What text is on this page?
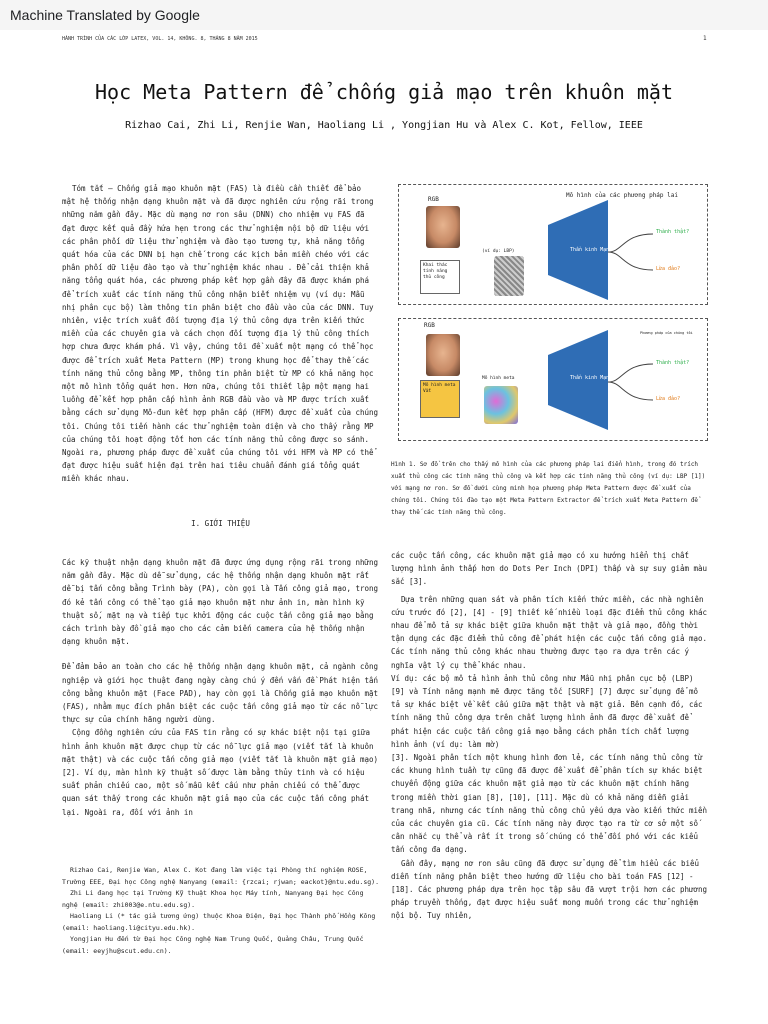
Machine Translated by Google
HÀNH TRÌNH CỦA CÁC LỚP LATEX, VOL. 14, KHÔNG. 8, THÁNG 8 NĂM 2015	1
Học Meta Pattern để chống giả mạo trên khuôn mặt
Rizhao Cai, Zhi Li, Renjie Wan, Haoliang Li , Yongjian Hu và Alex C. Kot, Fellow, IEEE

Tóm tắt – Chống giả mạo khuôn mặt (FAS) là điều cần thiết để bảo mật hệ thống nhận dạng khuôn mặt và đã được nghiên cứu rộng rãi trong những năm gần đây. Mặc dù mạng nơ ron sâu (DNN) cho nhiệm vụ FAS đã đạt được kết quả đầy hứa hẹn trong các thử nghiệm nội bộ dữ liệu với các phân phối dữ liệu thử nghiệm và đào tạo tương tự, khả năng tổng quát hóa của các DNN bị hạn chế trong các kịch bản miền chéo với các phân phối dữ liệu đào tạo và thử nghiệm khác nhau . Để cải thiện khả năng tổng quát hóa, các phương pháp kết hợp gần đây đã được khám phá để trích xuất các tính năng thủ công nhận biết nhiệm vụ (ví dụ: Mẫu nhị phân cục bộ) làm thông tin phân biệt cho đầu vào của các DNN. Tuy nhiên, việc trích xuất đối tượng địa lý thủ công dựa trên kiến thức miền của các chuyên gia và cách chọn đối tượng địa lý thủ công thích hợp chưa được khám phá. Vì vậy, chúng tôi đề xuất một mạng có thể học được để trích xuất Meta Pattern (MP) trong khung học để thay thế các tính năng thủ công bằng MP, thông tin phân biệt từ MP có khả năng học một mô hình tổng quát hơn. Hơn nữa, chúng tôi thiết lập một mạng hai luồng để kết hợp phân cấp hình ảnh RGB đầu vào và MP được trích xuất bằng cách sử dụng Mô-đun kết hợp phân cấp (HFM) được đề xuất của chúng tôi. Chúng tôi tiến hành các thử nghiệm toàn diện và cho thấy rằng MP của chúng tôi hoạt động tốt hơn các tính năng thủ công được so sánh. Ngoài ra, phương pháp được đề xuất của chúng tôi với HFM và MP có thể đạt được hiệu suất hiện đại trên hai tiêu chuẩn đánh giá tổng quát miền khác nhau.

I. GIỚI THIỆU

Các kỹ thuật nhận dạng khuôn mặt đã được ứng dụng rộng rãi trong những năm gần đây. Mặc dù dễ sử dụng, các hệ thống nhận dạng khuôn mặt rất dễ bị tấn công bằng Trình bày (PA), còn gọi là Tấn công giả mạo, trong đó kẻ tấn công có thể tạo giả mạo khuôn mặt như ảnh in, màn hình kỹ thuật số, mặt nạ và tiếp tục khởi động các cuộc tấn công giả mạo bằng cách trình bày đồ giả mạo cho các cảm biến camera của hệ thống nhận dạng khuôn mặt.

Để đảm bảo an toàn cho các hệ thống nhận dạng khuôn mặt, cả ngành công nghiệp và giới học thuật đang ngày càng chú ý đến vấn đề Phát hiện tấn công bằng khuôn mặt (Face PAD), hay còn gọi là Chống giả mạo khuôn mặt (FAS), nhằm mục đích phân biệt các cuộc tấn công giả mạo từ các nỗ lực thực sự của chính hãng người dùng.

Cộng đồng nghiên cứu của FAS tin rằng có sự khác biệt nội tại giữa hình ảnh khuôn mặt được chụp từ các nỗ lực giả mạo (viết tắt là khuôn mặt thật) và các cuộc tấn công giả mạo (viết tắt là khuôn mặt giả mạo) [2]. Ví dụ, màn hình kỹ thuật số được làm bằng thủy tinh và có hiệu suất phản chiếu cao, một số mẫu kết cấu như phản chiếu có thể được quan sát thấy trong các khuôn mặt giả mạo của các cuộc tấn công phát lại. Ngoài ra, đối với ảnh in

Rizhao Cai, Renjie Wan, Alex C. Kot đang làm việc tại Phòng thí nghiệm ROSE, Trường EEE, Đại học Công nghệ Nanyang (email: {rzcai; rjwan; eackot}@ntu.edu.sg).

Zhi Li đang học tại Trường Kỹ thuật Khoa học Máy tính, Nanyang Đại học Công nghệ (email: zhi003@e.ntu.edu.sg).

Haoliang Li (* tác giả tương ứng) thuộc Khoa Điện, Đại học Thành phố Hồng Kông (email: haoliang.li@cityu.edu.hk).

Yongjian Hu đến từ Đại học Công nghệ Nam Trung Quốc, Quảng Châu, Trung Quốc (email: eeyjhu@scut.edu.cn).

RGB
Mô hình của các phương pháp lai
Khai thác tính năng thủ công
(ví dụ: LBP)	Thần kinh Mạng
Thành thật?
Lừa đảo?
RGB
Phương pháp của chúng tôi
Mô hình meta Vắt
Mô hình meta	Thần kinh Mạng
Thành thật?
Lừa đảo?
Hình 1. Sơ đồ trên cho thấy mô hình của các phương pháp lai điển hình, trong đó trích xuất thủ công các tính năng thủ công và kết hợp các tính năng thủ công (ví dụ: LBP [1]) với mạng nơ ron. Sơ đồ dưới cùng minh họa phương pháp Meta Pattern được đề xuất của chúng tôi. Chúng tôi đào tạo một Meta Pattern Extractor để trích xuất Meta Pattern để thay thế các tính năng thủ công.

các cuộc tấn công, các khuôn mặt giả mạo có xu hướng hiển thị chất lượng hình ảnh thấp hơn do Dots Per Inch (DPI) thấp và sự suy giảm màu sắc [3].

Dựa trên những quan sát và phân tích kiến thức miền, các nhà nghiên cứu trước đó [2], [4] - [9] thiết kế nhiều loại đặc điểm thủ công khác nhau để mô tả sự khác biệt giữa khuôn mặt thật và giả mạo, đồng thời tận dụng các đặc điểm thủ công để phát hiện các cuộc tấn công giả mạo. Các tính năng thủ công khác nhau thường được tạo ra dựa trên các ý nghĩa vật lý cụ thể khác nhau.

Ví dụ: các bộ mô tả hình ảnh thủ công như Mẫu nhị phân cục bộ (LBP) [9] và Tính năng mạnh mẽ được tăng tốc [SURF] [7] được sử dụng để mô tả sự khác biệt về kết cấu giữa mặt thật và mặt giả. Bên cạnh đó, các tính năng thủ công dựa trên chất lượng hình ảnh đã được đề xuất để phát hiện các cuộc tấn công giả mạo bằng cách phân tích chất lượng hình ảnh (ví dụ: làm mờ)

[3]. Ngoài phân tích một khung hình đơn lẻ, các tính năng thủ công từ các khung hình tuần tự cũng đã được đề xuất để phân tích sự khác biệt chuyển động giữa các khuôn mặt giả mạo từ các khuôn mặt chính hãng trong miền thời gian [8], [10], [11]. Mặc dù có khả năng diễn giải trang nhã, nhưng các tính năng thủ công chủ yếu dựa vào kiến thức miền của các chuyên gia cũ. Các tính năng này được tạo ra từ cơ sở một số cân nhắc cụ thể và rất ít trong số chúng có thể đối phó với các kiểu tấn công đa dạng.

Gần đây, mạng nơ ron sâu cũng đã được sử dụng để tìm hiểu các biểu diễn tính năng phân biệt theo hướng dữ liệu cho bài toán FAS [12] - [18]. Các phương pháp dựa trên học tập sâu đã vượt trội hơn các phương pháp truyền thống, đạt được hiệu suất mong muốn trong các thử nghiệm nội bộ. Tuy nhiên,
